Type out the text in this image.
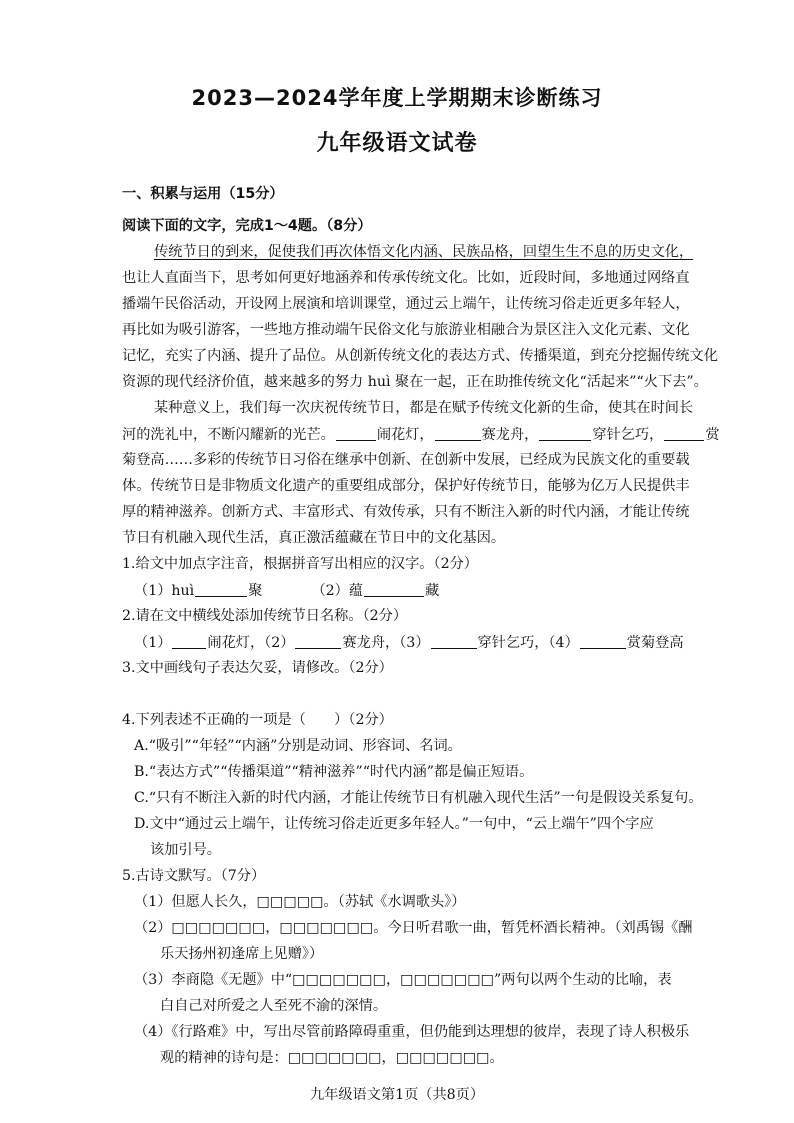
2023—2024学年度上学期期末诊断练习
九年级语文试卷
一、积累与运用（15分）
阅读下面的文字，完成1～4题。（8分）
传统节日的到来，促使我们再次体悟文化内涵、民族品格，回望生生不息的历史文化，
也让人直面当下，思考如何更好地涵养和传承传统文化。比如，近段时间，多地通过网络直
播端午民俗活动，开设网上展演和培训课堂，通过云上端午，让传统习俗走近更多年轻人，
再比如为吸引游客，一些地方推动端午民俗文化与旅游业相融合为景区注入文化元素、文化
记忆，充实了内涵、提升了品位。从创新传统文化的表达方式、传播渠道，到充分挖掘传统文化
资源的现代经济价值，越来越多的努力 huì 聚在一起，正在助推传统文化“活起来”“火下去”。
某种意义上，我们每一次庆祝传统节日，都是在赋予传统文化新的生命，使其在时间长
河的洗礼中，不断闪耀新的光芒。	闹花灯，	赛龙舟，	穿针乞巧，	赏
菊登高……多彩的传统节日习俗在继承中创新、在创新中发展，已经成为民族文化的重要载
体。传统节日是非物质文化遗产的重要组成部分，保护好传统节日，能够为亿万人民提供丰
厚的精神滋养。创新方式、丰富形式、有效传承，只有不断注入新的时代内涵，才能让传统
节日有机融入现代生活，真正激活蕴藏在节日中的文化基因。
1.给文中加点字注音，根据拼音写出相应的汉字。（2分）
（1）huì	聚	（2）蕴	藏
2.请在文中横线处添加传统节日名称。（2分）
（1）	闹花灯，（2）	赛龙舟，（3）	穿针乞巧，（4）	赏菊登高
3.文中画线句子表达欠妥，请修改。（2分）
4.下列表述不正确的一项是（　　）（2分）
A.“吸引”“年轻”“内涵”分别是动词、形容词、名词。
B.“表达方式”“传播渠道”“精神滋养”“时代内涵”都是偏正短语。
C.“只有不断注入新的时代内涵，才能让传统节日有机融入现代生活”一句是假设关系复句。
D.文中“通过云上端午，让传统习俗走近更多年轻人。”一句中，“云上端午”四个字应
该加引号。
5.古诗文默写。（7分）
（1）但愿人长久，□□□□□。（苏轼《水调歌头》）
（2）□□□□□□□，□□□□□□□。今日听君歌一曲，暂凭杯酒长精神。（刘禹锡《酬
乐天扬州初逢席上见赠》）
（3）李商隐《无题》中“□□□□□□□，□□□□□□□”两句以两个生动的比喻，表
白自己对所爱之人至死不渝的深情。
（4）《行路难》中，写出尽管前路障碍重重，但仍能到达理想的彼岸，表现了诗人积极乐
观的精神的诗句是：□□□□□□□，□□□□□□□。
九年级语文第1页（共8页）
